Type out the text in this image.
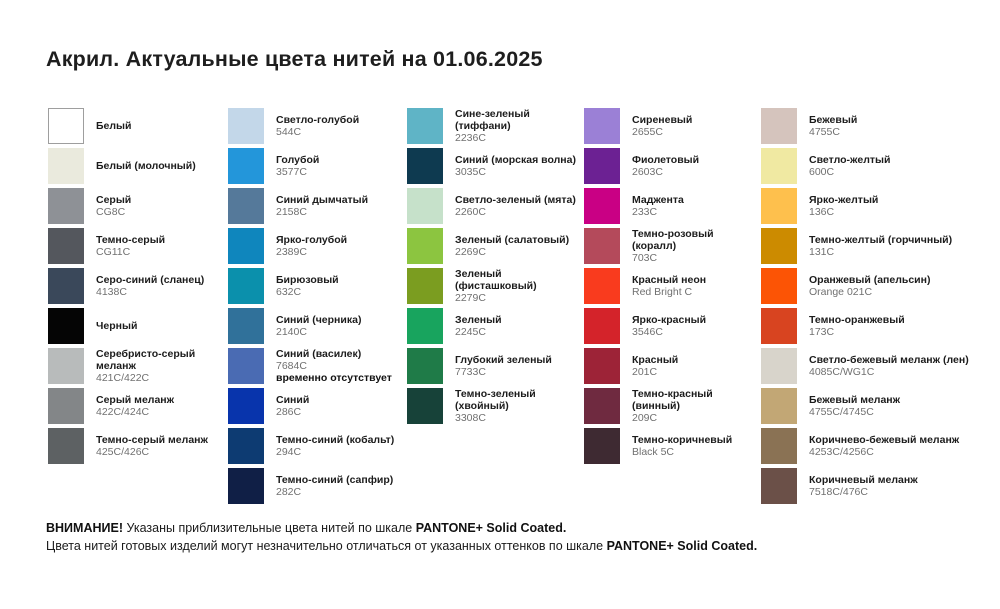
Акрил. Актуальные цвета нитей на 01.06.2025
Белый
Белый (молочный)
Серый
CG8C
Темно-серый
CG11C
Серо-синий (сланец)
4138C
Черный
Серебристо-серый меланж
421C/422C
Серый меланж
422C/424C
Темно-серый меланж
425C/426C
Светло-голубой
544C
Голубой
3577C
Синий дымчатый
2158C
Ярко-голубой
2389C
Бирюзовый
632C
Синий (черника)
2140C
Синий (василек)
7684C
временно отсутствует
Синий
286C
Темно-синий (кобальт)
294C
Темно-синий (сапфир)
282C
Сине-зеленый (тиффани)
2236C
Синий (морская волна)
3035C
Светло-зеленый (мята)
2260C
Зеленый (салатовый)
2269C
Зеленый (фисташковый)
2279C
Зеленый
2245C
Глубокий зеленый
7733C
Темно-зеленый (хвойный)
3308C
Сиреневый
2655C
Фиолетовый
2603C
Маджента
233C
Темно-розовый (коралл)
703C
Красный неон
Red Bright C
Ярко-красный
3546C
Красный
201C
Темно-красный (винный)
209C
Темно-коричневый
Black 5C
Бежевый
4755C
Светло-желтый
600C
Ярко-желтый
136C
Темно-желтый (горчичный)
131C
Оранжевый (апельсин)
Orange 021C
Темно-оранжевый
173C
Светло-бежевый меланж (лен)
4085C/WG1C
Бежевый меланж
4755C/4745C
Коричнево-бежевый меланж
4253C/4256C
Коричневый меланж
7518C/476C
ВНИМАНИЕ! Указаны приблизительные цвета нитей по шкале PANTONE+ Solid Coated.
Цвета нитей готовых изделий могут незначительно отличаться от указанных оттенков по шкале PANTONE+ Solid Coated.
